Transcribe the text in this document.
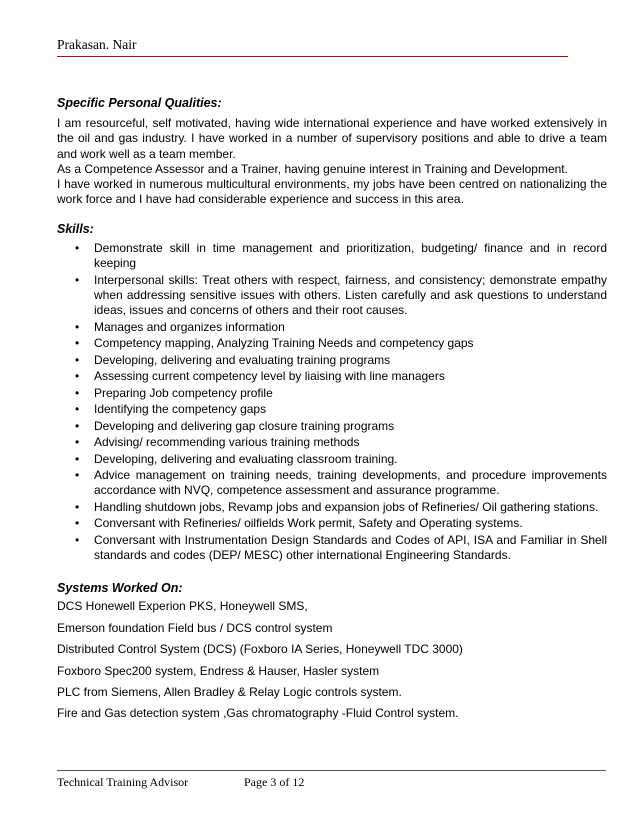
Prakasan. Nair

Specific Personal Qualities:

I am resourceful, self motivated, having wide international experience and have worked extensively in the oil and gas industry. I have worked in a number of supervisory positions and able to drive a team and work well as a team member.

As a Competence Assessor and a Trainer, having genuine interest in Training and Development.

I have worked in numerous multicultural environments, my jobs have been centred on nationalizing the work force and I have had considerable experience and success in this area.

Skills:

• Demonstrate skill in time management and prioritization, budgeting/ finance and in record keeping
• Interpersonal skills: Treat others with respect, fairness, and consistency; demonstrate empathy when addressing sensitive issues with others. Listen carefully and ask questions to understand ideas, issues and concerns of others and their root causes.
• Manages and organizes information
• Competency mapping, Analyzing Training Needs and competency gaps
• Developing, delivering and evaluating training programs
• Assessing current competency level by liaising with line managers
• Preparing Job competency profile
• Identifying the competency gaps
• Developing and delivering gap closure training programs
• Advising/ recommending various training methods
• Developing, delivering and evaluating classroom training.
• Advice management on training needs, training developments, and procedure improvements accordance with NVQ, competence assessment and assurance programme.
• Handling shutdown jobs, Revamp jobs and expansion jobs of Refineries/ Oil gathering stations.
• Conversant with Refineries/ oilfields Work permit, Safety and Operating systems.
• Conversant with Instrumentation Design Standards and Codes of API, ISA and Familiar in Shell standards and codes (DEP/ MESC) other international Engineering Standards.

Systems Worked On:

DCS Honewell Experion PKS, Honeywell SMS,

Emerson foundation Field bus / DCS control system

Distributed Control System (DCS) (Foxboro IA Series, Honeywell TDC 3000)

Foxboro Spec200 system, Endress & Hauser, Hasler system

PLC from Siemens, Allen Bradley & Relay Logic controls system.

Fire and Gas detection system ,Gas chromatography -Fluid Control system.

Technical Training Advisor	Page 3 of 12
